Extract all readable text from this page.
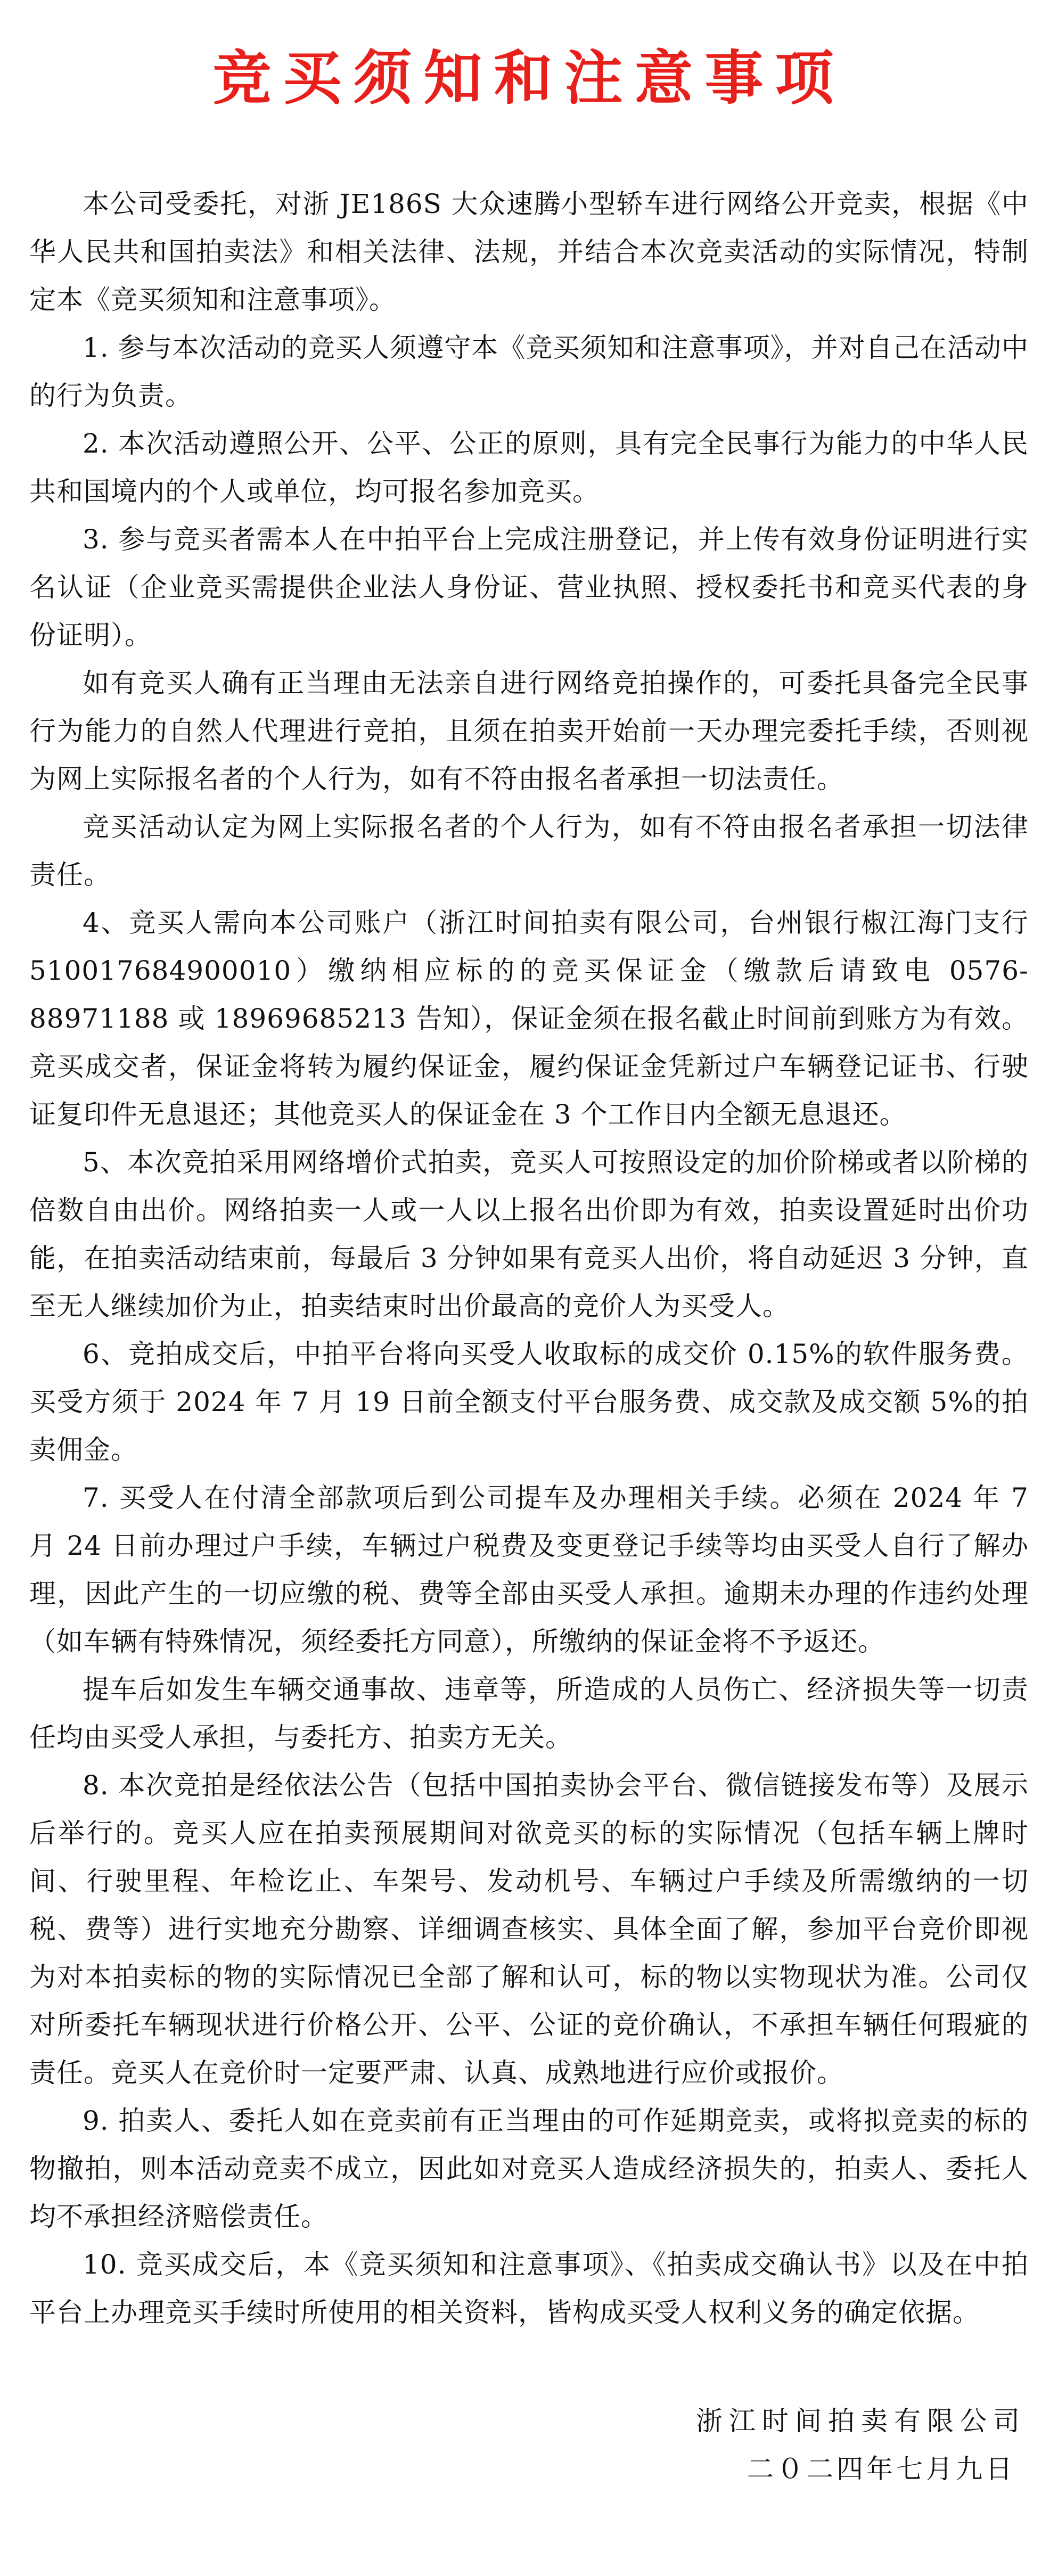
竞买须知和注意事项

本公司受委托，对浙 JE186S 大众速腾小型轿车进行网络公开竞卖，根据《中华人民共和国拍卖法》和相关法律、法规，并结合本次竞卖活动的实际情况，特制定本《竞买须知和注意事项》。

1. 参与本次活动的竞买人须遵守本《竞买须知和注意事项》，并对自己在活动中的行为负责。

2. 本次活动遵照公开、公平、公正的原则，具有完全民事行为能力的中华人民共和国境内的个人或单位，均可报名参加竞买。

3. 参与竞买者需本人在中拍平台上完成注册登记，并上传有效身份证明进行实名认证（企业竞买需提供企业法人身份证、营业执照、授权委托书和竞买代表的身份证明）。

如有竞买人确有正当理由无法亲自进行网络竞拍操作的，可委托具备完全民事行为能力的自然人代理进行竞拍，且须在拍卖开始前一天办理完委托手续，否则视为网上实际报名者的个人行为，如有不符由报名者承担一切法责任。

竞买活动认定为网上实际报名者的个人行为，如有不符由报名者承担一切法律责任。

4、竞买人需向本公司账户（浙江时间拍卖有限公司，台州银行椒江海门支行 510017684900010）缴纳相应标的的竞买保证金（缴款后请致电 0576-88971188 或 18969685213 告知），保证金须在报名截止时间前到账方为有效。竞买成交者，保证金将转为履约保证金，履约保证金凭新过户车辆登记证书、行驶证复印件无息退还；其他竞买人的保证金在 3 个工作日内全额无息退还。

5、本次竞拍采用网络增价式拍卖，竞买人可按照设定的加价阶梯或者以阶梯的倍数自由出价。网络拍卖一人或一人以上报名出价即为有效，拍卖设置延时出价功能，在拍卖活动结束前，每最后 3 分钟如果有竞买人出价，将自动延迟 3 分钟，直至无人继续加价为止，拍卖结束时出价最高的竞价人为买受人。

6、竞拍成交后，中拍平台将向买受人收取标的成交价 0.15%的软件服务费。买受方须于 2024 年 7 月 19 日前全额支付平台服务费、成交款及成交额 5%的拍卖佣金。

7. 买受人在付清全部款项后到公司提车及办理相关手续。必须在 2024 年 7 月 24 日前办理过户手续，车辆过户税费及变更登记手续等均由买受人自行了解办理，因此产生的一切应缴的税、费等全部由买受人承担。逾期未办理的作违约处理（如车辆有特殊情况，须经委托方同意），所缴纳的保证金将不予返还。

提车后如发生车辆交通事故、违章等，所造成的人员伤亡、经济损失等一切责任均由买受人承担，与委托方、拍卖方无关。

8. 本次竞拍是经依法公告（包括中国拍卖协会平台、微信链接发布等）及展示后举行的。竞买人应在拍卖预展期间对欲竞买的标的实际情况（包括车辆上牌时间、行驶里程、年检讫止、车架号、发动机号、车辆过户手续及所需缴纳的一切税、费等）进行实地充分勘察、详细调查核实、具体全面了解，参加平台竞价即视为对本拍卖标的物的实际情况已全部了解和认可，标的物以实物现状为准。公司仅对所委托车辆现状进行价格公开、公平、公证的竞价确认，不承担车辆任何瑕疵的责任。竞买人在竞价时一定要严肃、认真、成熟地进行应价或报价。

9. 拍卖人、委托人如在竞卖前有正当理由的可作延期竞卖，或将拟竞卖的标的物撤拍，则本活动竞卖不成立，因此如对竞买人造成经济损失的，拍卖人、委托人均不承担经济赔偿责任。

10. 竞买成交后，本《竞买须知和注意事项》、《拍卖成交确认书》以及在中拍平台上办理竞买手续时所使用的相关资料，皆构成买受人权利义务的确定依据。

浙江时间拍卖有限公司
二０二四年七月九日
